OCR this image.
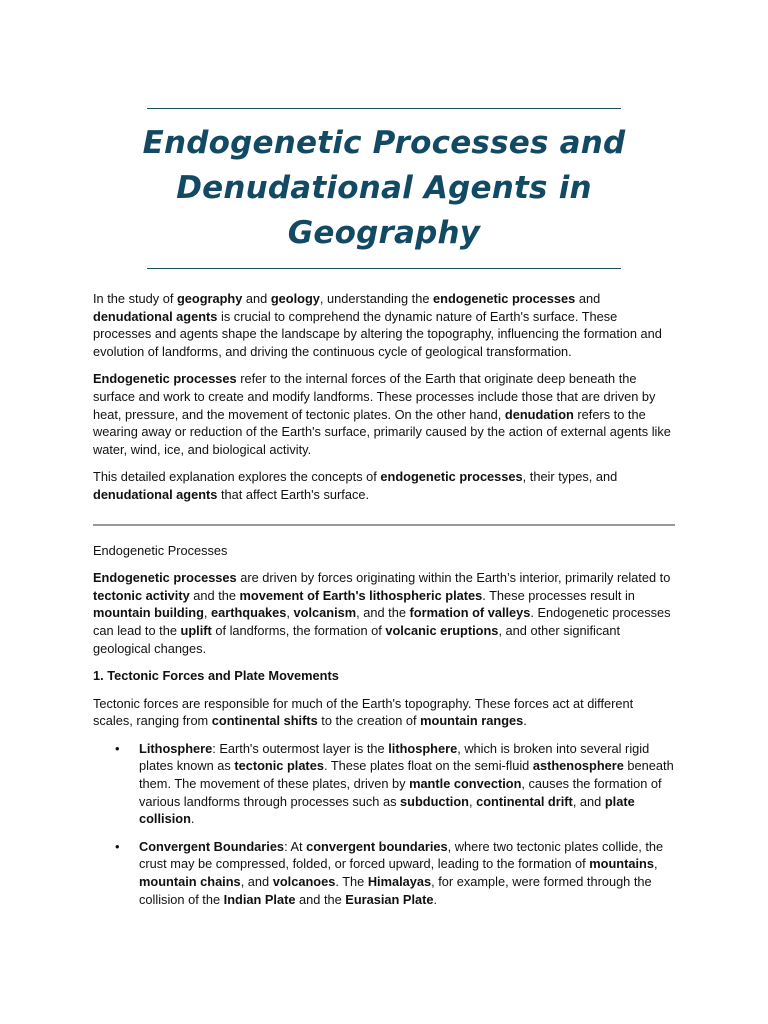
Endogenetic Processes and Denudational Agents in Geography

In the study of geography and geology, understanding the endogenetic processes and denudational agents is crucial to comprehend the dynamic nature of Earth's surface. These processes and agents shape the landscape by altering the topography, influencing the formation and evolution of landforms, and driving the continuous cycle of geological transformation.

Endogenetic processes refer to the internal forces of the Earth that originate deep beneath the surface and work to create and modify landforms. These processes include those that are driven by heat, pressure, and the movement of tectonic plates. On the other hand, denudation refers to the wearing away or reduction of the Earth's surface, primarily caused by the action of external agents like water, wind, ice, and biological activity.

This detailed explanation explores the concepts of endogenetic processes, their types, and denudational agents that affect Earth's surface.

Endogenetic Processes

Endogenetic processes are driven by forces originating within the Earth’s interior, primarily related to tectonic activity and the movement of Earth's lithospheric plates. These processes result in mountain building, earthquakes, volcanism, and the formation of valleys. Endogenetic processes can lead to the uplift of landforms, the formation of volcanic eruptions, and other significant geological changes.

1. Tectonic Forces and Plate Movements

Tectonic forces are responsible for much of the Earth's topography. These forces act at different scales, ranging from continental shifts to the creation of mountain ranges.

• Lithosphere: Earth's outermost layer is the lithosphere, which is broken into several rigid plates known as tectonic plates. These plates float on the semi-fluid asthenosphere beneath them. The movement of these plates, driven by mantle convection, causes the formation of various landforms through processes such as subduction, continental drift, and plate collision.
• Convergent Boundaries: At convergent boundaries, where two tectonic plates collide, the crust may be compressed, folded, or forced upward, leading to the formation of mountains, mountain chains, and volcanoes. The Himalayas, for example, were formed through the collision of the Indian Plate and the Eurasian Plate.
